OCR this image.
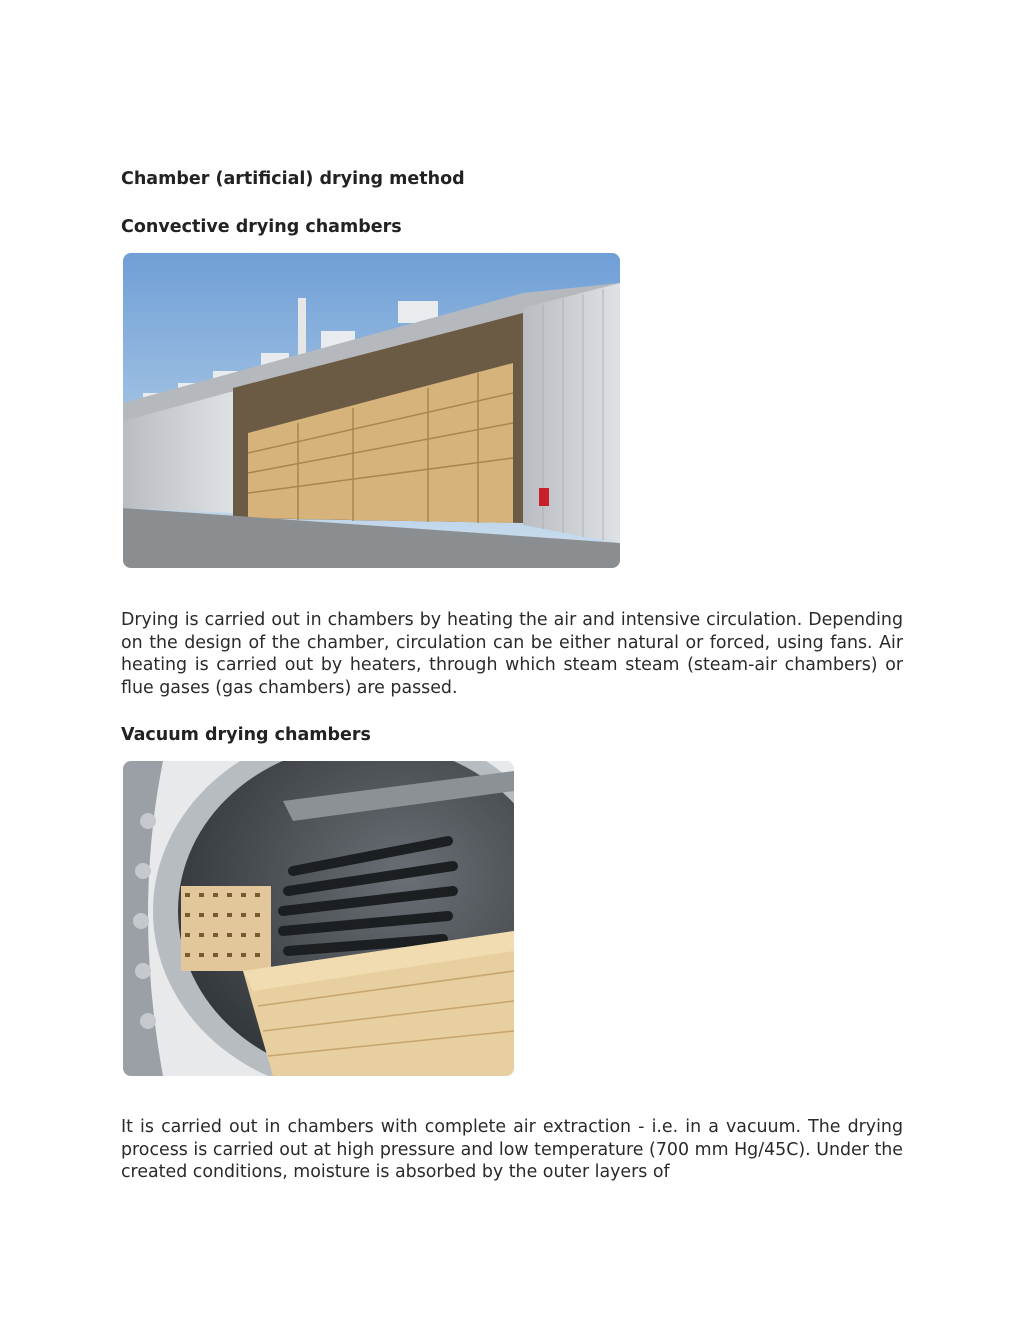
Chamber (artificial) drying method
Convective drying chambers

Drying is carried out in chambers by heating the air and intensive circulation. Depending on the design of the chamber, circulation can be either natural or forced, using fans. Air heating is carried out by heaters, through which steam steam (steam-air chambers) or flue gases (gas chambers) are passed.

Vacuum drying chambers

It is carried out in chambers with complete air extraction - i.e. in a vacuum. The drying process is carried out at high pressure and low temperature (700 mm Hg/45C). Under the created conditions, moisture is absorbed by the outer layers of
